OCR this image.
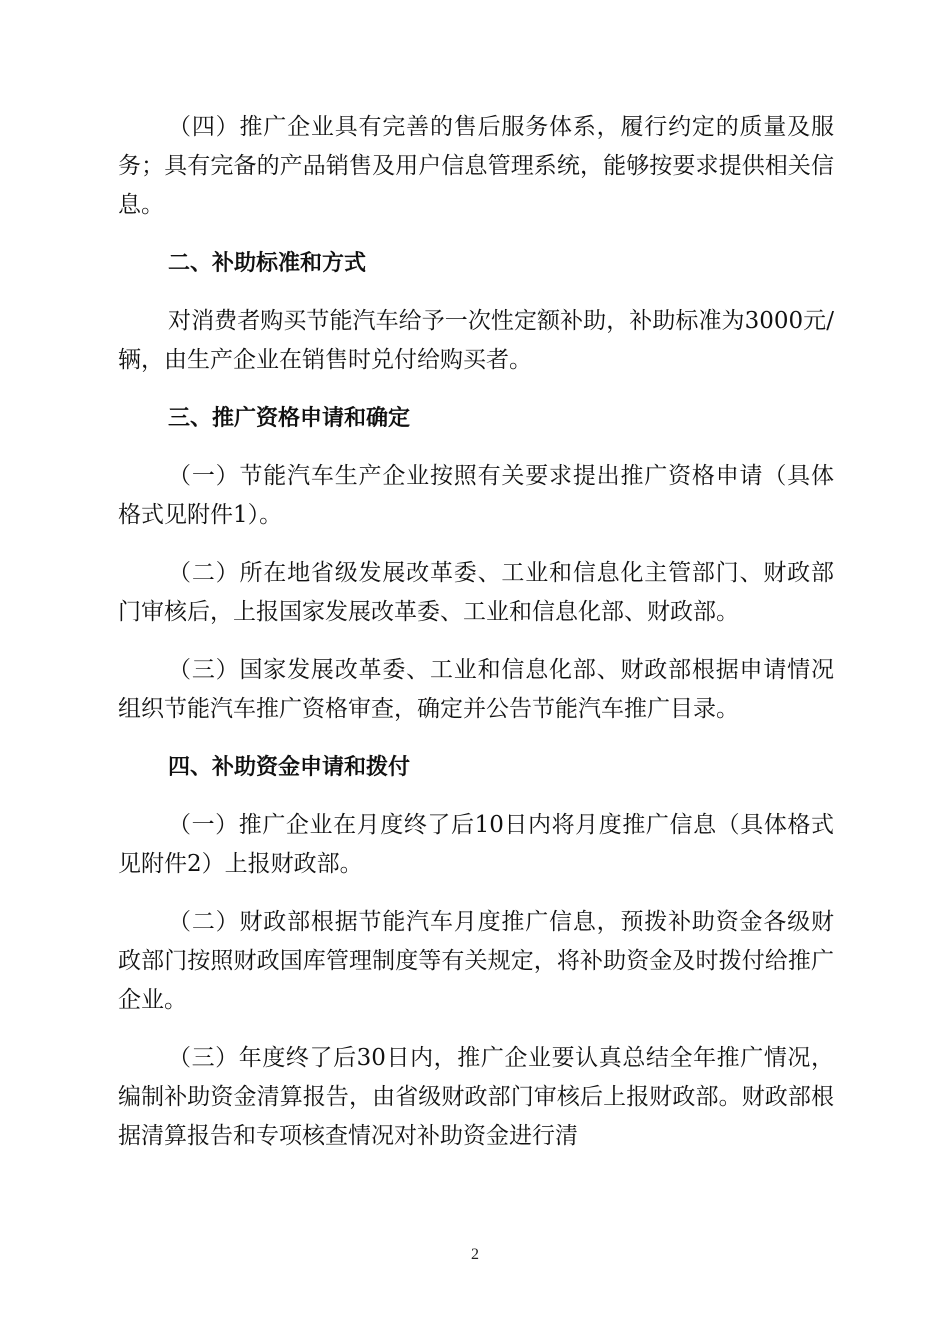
（四）推广企业具有完善的售后服务体系，履行约定的质量及服务；具有完备的产品销售及用户信息管理系统，能够按要求提供相关信息。

二、补助标准和方式

对消费者购买节能汽车给予一次性定额补助，补助标准为3000元/辆，由生产企业在销售时兑付给购买者。

三、推广资格申请和确定

（一）节能汽车生产企业按照有关要求提出推广资格申请（具体格式见附件1）。

（二）所在地省级发展改革委、工业和信息化主管部门、财政部门审核后，上报国家发展改革委、工业和信息化部、财政部。

（三）国家发展改革委、工业和信息化部、财政部根据申请情况组织节能汽车推广资格审查，确定并公告节能汽车推广目录。

四、补助资金申请和拨付

（一）推广企业在月度终了后10日内将月度推广信息（具体格式见附件2）上报财政部。

（二）财政部根据节能汽车月度推广信息，预拨补助资金各级财政部门按照财政国库管理制度等有关规定，将补助资金及时拨付给推广企业。

（三）年度终了后30日内，推广企业要认真总结全年推广情况，编制补助资金清算报告，由省级财政部门审核后上报财政部。财政部根据清算报告和专项核查情况对补助资金进行清

2
